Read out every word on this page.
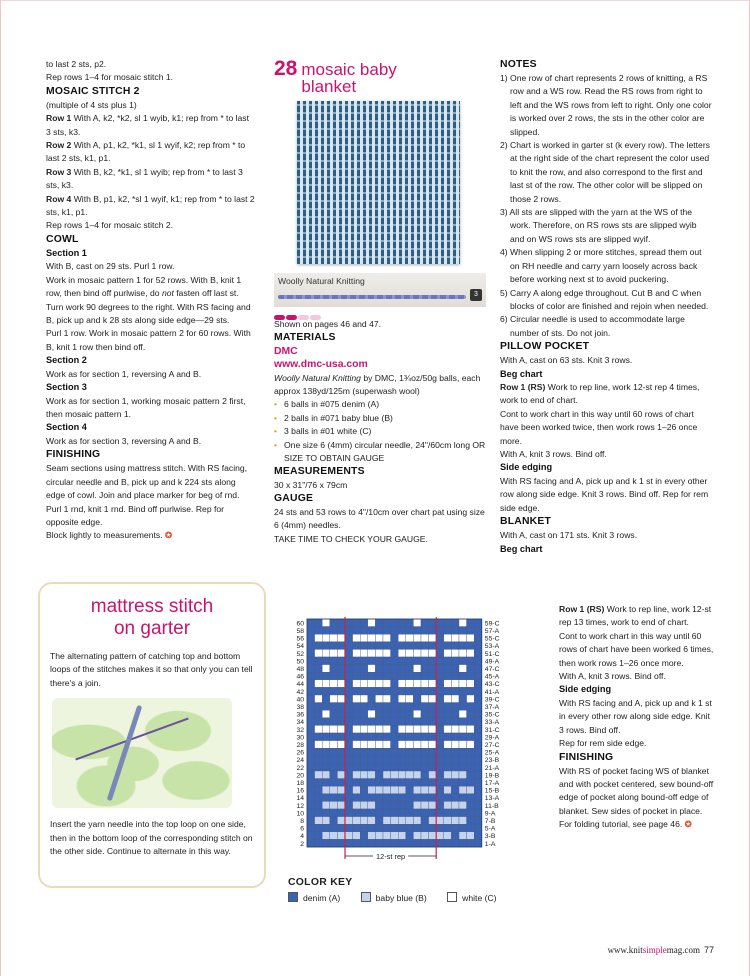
to last 2 sts, p2.

Rep rows 1–4 for mosaic stitch 1.

MOSAIC STITCH 2

(multiple of 4 sts plus 1)

Row 1 With A, k2, *k2, sl 1 wyib, k1; rep from * to last 3 sts, k3.

Row 2 With A, p1, k2, *k1, sl 1 wyif, k2; rep from * to last 2 sts, k1, p1.

Row 3 With B, k2, *k1, sl 1 wyib; rep from * to last 3 sts, k3.

Row 4 With B, p1, k2, *sl 1 wyif, k1; rep from * to last 2 sts, k1, p1.

Rep rows 1–4 for mosaic stitch 2.

COWL
Section 1

With B, cast on 29 sts. Purl 1 row.

Work in mosaic pattern 1 for 52 rows. With B, knit 1 row, then bind off purlwise, do not fasten off last st. Turn work 90 degrees to the right. With RS facing and B, pick up and k 28 sts along side edge—29 sts.

Purl 1 row. Work in mosaic pattern 2 for 60 rows. With B, knit 1 row then bind off.

Section 2

Work as for section 1, reversing A and B.

Section 3

Work as for section 1, working mosaic pattern 2 first, then mosaic pattern 1.

Section 4

Work as for section 3, reversing A and B.

FINISHING

Seam sections using mattress stitch. With RS facing, circular needle and B, pick up and k 224 sts along edge of cowl. Join and place marker for beg of rnd. Purl 1 rnd, knit 1 rnd. Bind off purlwise. Rep for opposite edge.

Block lightly to measurements. ✪

mattress stitch
on garter

The alternating pattern of catching top and bottom loops of the stitches makes it so that only you can tell there's a join.

Insert the yarn needle into the top loop on one side, then in the bottom loop of the corresponding stitch on the other side. Continue to alternate in this way.

28 mosaic baby
blanket
Woolly Natural Knitting
3

Shown on pages 46 and 47.

MATERIALS
DMC
www.dmc-usa.com

Woolly Natural Knitting by DMC, 1¾oz/50g balls, each approx 138yd/125m (superwash wool)

• 6 balls in #075 denim (A)
• 2 balls in #071 baby blue (B)
• 3 balls in #01 white (C)
• One size 6 (4mm) circular needle, 24"/60cm long OR SIZE TO OBTAIN GAUGE
MEASUREMENTS

30 x 31"/76 x 79cm

GAUGE

24 sts and 53 rows to 4"/10cm over chart pat using size 6 (4mm) needles.

TAKE TIME TO CHECK YOUR GAUGE.

NOTES

1) One row of chart represents 2 rows of knitting, a RS row and a WS row. Read the RS rows from right to left and the WS rows from left to right. Only one color is worked over 2 rows, the sts in the other color are slipped.

2) Chart is worked in garter st (k every row). The letters at the right side of the chart represent the color used to knit the row, and also correspond to the first and last st of the row. The other color will be slipped on those 2 rows.

3) All sts are slipped with the yarn at the WS of the work. Therefore, on RS rows sts are slipped wyib and on WS rows sts are slipped wyif.

4) When slipping 2 or more stitches, spread them out on RH needle and carry yarn loosely across back before working next st to avoid puckering.

5) Carry A along edge throughout. Cut B and C when blocks of color are finished and rejoin when needed.

6) Circular needle is used to accommodate large number of sts. Do not join.

PILLOW POCKET

With A, cast on 63 sts. Knit 3 rows.

Beg chart

Row 1 (RS) Work to rep line, work 12-st rep 4 times, work to end of chart.

Cont to work chart in this way until 60 rows of chart have been worked twice, then work rows 1–26 once more.

With A, knit 3 rows. Bind off.

Side edging

With RS facing and A, pick up and k 1 st in every other row along side edge. Knit 3 rows. Bind off. Rep for rem side edge.

BLANKET

With A, cast on 171 sts. Knit 3 rows.

Beg chart
60	59-C
58	57-A
56	55-C
54	53-A
52	51-C
50	49-A
48	47-C
46	45-A
44	43-C
42	41-A
40	39-C
38	37-A
36	35-C
34	33-A
32	31-C
30	29-A
28	27-C
26	25-A
24	23-B
22	21-A
20	19-B
18	17-A
16	15-B
14	13-A
12	11-B
10	9-A
8	7-B
6	5-A
4	3-B
2	1-A
12-st rep

Row 1 (RS) Work to rep line, work 12-st rep 13 times, work to end of chart.

Cont to work chart in this way until 60 rows of chart have been worked 6 times, then work rows 1–26 once more.

With A, knit 3 rows. Bind off.

Side edging

With RS facing and A, pick up and k 1 st in every other row along side edge. Knit 3 rows. Bind off.

Rep for rem side edge.

FINISHING

With RS of pocket facing WS of blanket and with pocket centered, sew bound-off edge of pocket along bound-off edge of blanket. Sew sides of pocket in place.

For folding tutorial, see page 46. ✪

COLOR KEY
denim (A)	baby blue (B)	white (C)
www.knitsimplemag.com 77
